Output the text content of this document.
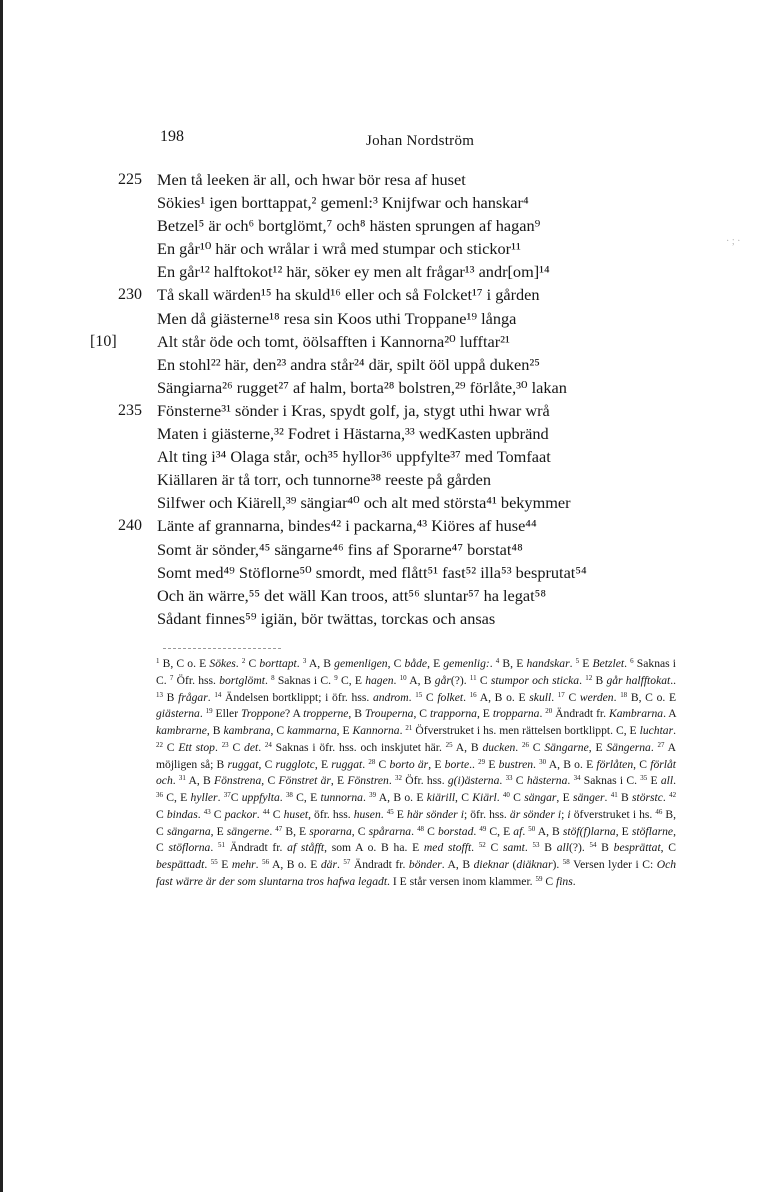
198	Johan Nordström
· ; ·
225 Men tå leeken är all, och hwar bör resa af huset
Sökies¹ igen borttappat,² gemenl:³ Knijfwar och hanskar⁴
Betzel⁵ är och⁶ bortglömt,⁷ och⁸ hästen sprungen af hagan⁹
En går¹⁰ här och wrålar i wrå med stumpar och stickor¹¹
En går¹² halftokot¹² här, söker ey men alt frågar¹³ andr[om]¹⁴
230 Tå skall wärden¹⁵ ha skuld¹⁶ eller och så Folcket¹⁷ i gården
Men då giästerne¹⁸ resa sin Koos uthi Troppane¹⁹ långa
[10] Alt står öde och tomt, öölsafften i Kannorna²⁰ lufftar²¹
En stohl²² här, den²³ andra står²⁴ där, spilt ööl uppå duken²⁵
Sängiarna²⁶ rugget²⁷ af halm, borta²⁸ bolstren,²⁹ förlåte,³⁰ lakan
235 Fönsterne³¹ sönder i Kras, spydt golf, ja, stygt uthi hwar wrå
Maten i giästerne,³² Fodret i Hästarna,³³ wedKasten upbränd
Alt ting i³⁴ Olaga står, och³⁵ hyllor³⁶ uppfylte³⁷ med Tomfaat
Kiällaren är tå torr, och tunnorne³⁸ reeste på gården
Silfwer och Kiärell,³⁹ sängiar⁴⁰ och alt med största⁴¹ bekymmer
240 Länte af grannarna, bindes⁴² i packarna,⁴³ Kiöres af huse⁴⁴
Somt är sönder,⁴⁵ sängarne⁴⁶ fins af Sporarne⁴⁷ borstat⁴⁸
Somt med⁴⁹ Stöflorne⁵⁰ smordt, med flått⁵¹ fast⁵² illa⁵³ besprutat⁵⁴
Och än wärre,⁵⁵ det wäll Kan troos, att⁵⁶ sluntar⁵⁷ ha legat⁵⁸
Sådant finnes⁵⁹ igiän, bör twättas, torckas och ansas
$^1$ B, C o. E Sökes. $^2$ C borttapt. $^3$ A, B gemenligen, C både, E gemenlig:. $^4$ B, E handskar. $^5$ E Betzlet. $^6$ Saknas i C. $^7$ Öfr. hss. bortglömt. $^8$ Saknas i C. $^9$ C, E hagen. $^{10}$ A, B går(?). $^{11}$ C stumpor och sticka. $^{12}$ B går halfftokat.. $^{13}$ B frågar. $^{14}$ Ändelsen bortklippt; i öfr. hss. androm. $^{15}$ C folket. $^{16}$ A, B o. E skull. $^{17}$ C werden. $^{18}$ B, C o. E giästerna. $^{19}$ Eller Troppone? A tropperne, B Trouperna, C trapporna, E tropparna. $^{20}$ Ändradt fr. Kambrarna. A kambrarne, B kambrana, C kammarna, E Kannorna. $^{21}$ Öfverstruket i hs. men rättelsen bortklippt. C, E luchtar. $^{22}$ C Ett stop. $^{23}$ C det. $^{24}$ Saknas i öfr. hss. och inskjutet här. $^{25}$ A, B ducken. $^{26}$ C Sängarne, E Sängerna. $^{27}$ A möjligen så; B ruggat, C rugglotc, E ruggat. $^{28}$ C borto är, E borte.. $^{29}$ E bustren. $^{30}$ A, B o. E förlåten, C förlåt och. $^{31}$ A, B Fönstrena, C Fönstret är, E Fönstren. $^{32}$ Öfr. hss. g(i)ästerna. $^{33}$ C hästerna. $^{34}$ Saknas i C. $^{35}$ E all. $^{36}$ C, E hyller. $^{37}$C uppfylta. $^{38}$ C, E tunnorna. $^{39}$ A, B o. E kiärill, C Kiärl. $^{40}$ C sängar, E sänger. $^{41}$ B störstc. $^{42}$ C bindas. $^{43}$ C packor. $^{44}$ C huset, öfr. hss. husen. $^{45}$ E här sönder i; öfr. hss. är sönder i; i öfverstruket i hs. $^{46}$ B, C sängarna, E sängerne. $^{47}$ B, E sporarna, C spårarna. $^{48}$ C borstad. $^{49}$ C, E af. $^{50}$ A, B stöf(f)larna, E stöflarne, C stöflorna. $^{51}$ Ändradt fr. af ståfft, som A o. B ha. E med stofft. $^{52}$ C samt. $^{53}$ B all(?). $^{54}$ B besprättat, C bespättadt. $^{55}$ E mehr. $^{56}$ A, B o. E där. $^{57}$ Ändradt fr. bönder. A, B dieknar (diäknar). $^{58}$ Versen lyder i C: Och fast wärre är der som sluntarna tros hafwa legadt. I E står versen inom klammer. $^{59}$ C fins.
